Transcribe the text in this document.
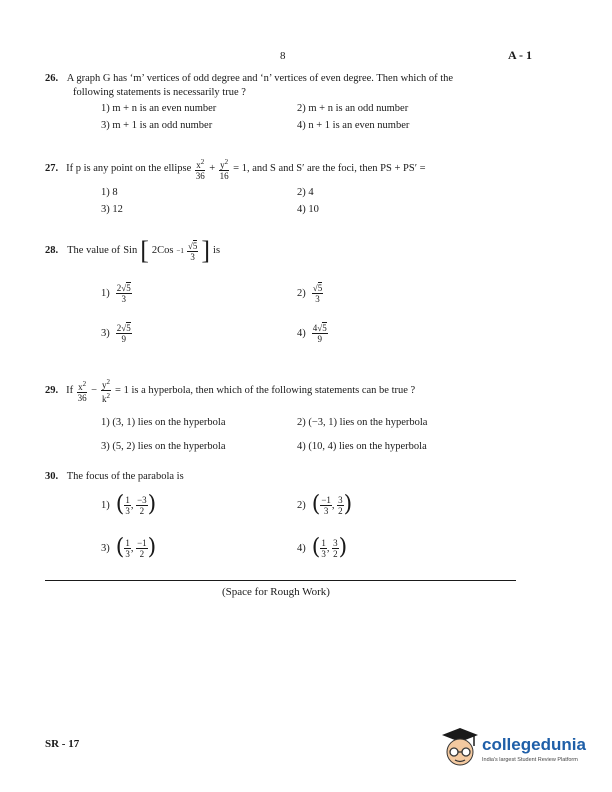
8	A - 1
26. A graph G has ‘m’ vertices of odd degree and ‘n’ vertices of even degree. Then which of the
following statements is necessarily true ?
1) m + n is an even number	2) m + n is an odd number
3) m + 1 is an odd number	4) n + 1 is an even number
27. If p is any point on the ellipse $\frac{x^2}{36} + \frac{y^2}{16} = 1$, and S and S′ are the foci, then PS + PS′ =
1) 8	2) 4
3) 12	4) 10
28. The value of Sin [ $2Cos -1 \frac{√5}{3}$ ] is
$1) \frac{2√5}{3}$	$2) \frac{√5}{3}$
$3) \frac{2√5}{9}$	$4) \frac{4√5}{9}$
29. If $\frac{x^2}{36} - \frac{y^2}{k^2} = 1$ is a hyperbola, then which of the following statements can be true ?
1) (3, 1) lies on the hyperbola	2) (−3, 1) lies on the hyperbola
3) (5, 2) lies on the hyperbola	4) (10, 4) lies on the hyperbola
30. The focus of the parabola is
1) ( $\frac{1}{3}$ , $\frac{-3}{2}$ )	2) ( $\frac{-1}{3}$ , $\frac{3}{2}$ )
3) ( $\frac{1}{3}$ , $\frac{-1}{2}$ )	4) ( $\frac{1}{3}$ , $\frac{3}{2}$ )
(Space for Rough Work)
SR - 17	collegedunia
India's largest Student Review Platform
